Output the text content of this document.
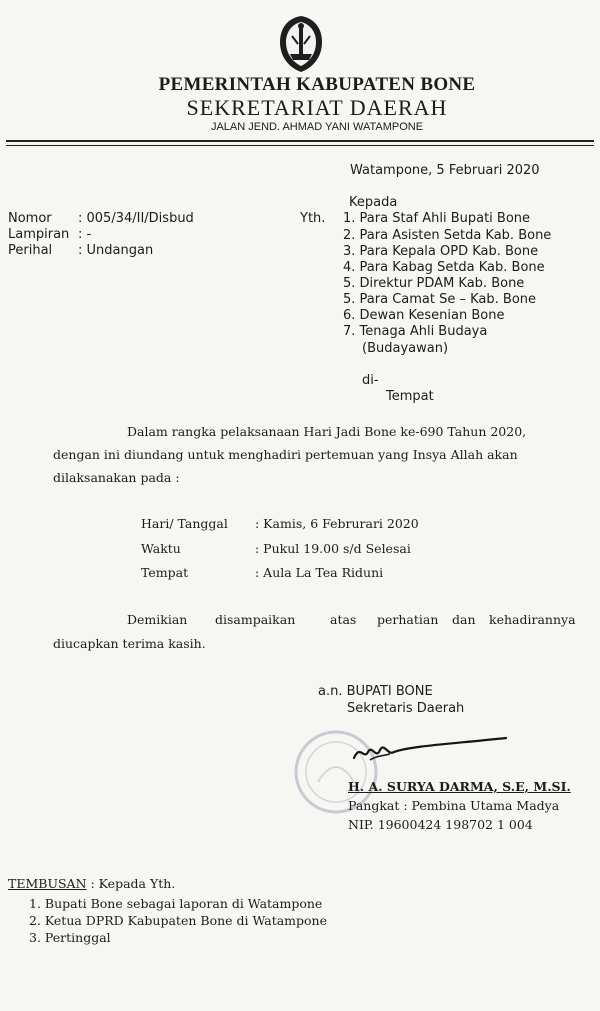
PEMERINTAH KABUPATEN BONE
SEKRETARIAT DAERAH
JALAN JEND. AHMAD YANI WATAMPONE
Watampone, 5 Februari 2020
Nomor : 005/34/II/Disbud
Lampiran : -
Perihal : Undangan
Kepada
Yth. 1. Para Staf Ahli Bupati Bone
2. Para Asisten Setda Kab. Bone
3. Para Kepala OPD Kab. Bone
4. Para Kabag Setda Kab. Bone
5. Direktur PDAM Kab. Bone
5. Para Camat Se – Kab. Bone
6. Dewan Kesenian Bone
7. Tenaga Ahli Budaya
(Budayawan)
di-
Tempat
Dalam rangka pelaksanaan Hari Jadi Bone ke-690 Tahun 2020,
dengan ini diundang untuk menghadiri pertemuan yang Insya Allah akan
dilaksanakan pada :
Hari/ Tanggal : Kamis, 6 Februrari 2020
Waktu	: Pukul 19.00 s/d Selesai
Tempat	: Aula La Tea Riduni
Demikian disampaikan	atas perhatian dan kehadirannya
diucapkan terima kasih.
a.n. BUPATI BONE
Sekretaris Daerah
H. A. SURYA DARMA, S.E, M.SI.
Pangkat : Pembina Utama Madya
NIP. 19600424 198702 1 004
TEMBUSAN : Kepada Yth.
1. Bupati Bone sebagai laporan di Watampone
2. Ketua DPRD Kabupaten Bone di Watampone
3. Pertinggal
